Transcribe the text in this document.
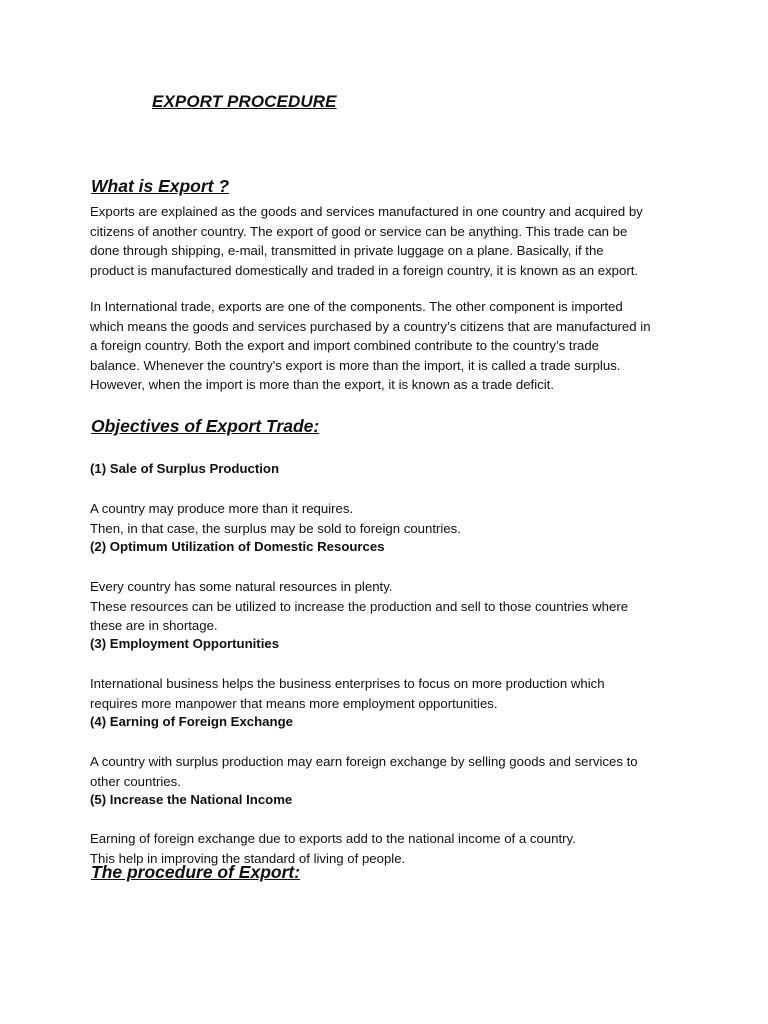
EXPORT PROCEDURE
What is Export ?

Exports are explained as the goods and services manufactured in one country and acquired by
citizens of another country. The export of good or service can be anything. This trade can be
done through shipping, e-mail, transmitted in private luggage on a plane. Basically, if the
product is manufactured domestically and traded in a foreign country, it is known as an export.

In International trade, exports are one of the components. The other component is imported
which means the goods and services purchased by a country’s citizens that are manufactured in
a foreign country. Both the export and import combined contribute to the country’s trade
balance. Whenever the country’s export is more than the import, it is called a trade surplus.
However, when the import is more than the export, it is known as a trade deficit.

Objectives of Export Trade:
(1) Sale of Surplus Production

A country may produce more than it requires.
Then, in that case, the surplus may be sold to foreign countries.

(2) Optimum Utilization of Domestic Resources

Every country has some natural resources in plenty.
These resources can be utilized to increase the production and sell to those countries where
these are in shortage.

(3) Employment Opportunities

International business helps the business enterprises to focus on more production which
requires more manpower that means more employment opportunities.

(4) Earning of Foreign Exchange

A country with surplus production may earn foreign exchange by selling goods and services to
other countries.

(5) Increase the National Income

Earning of foreign exchange due to exports add to the national income of a country.
This help in improving the standard of living of people.

The procedure of Export:
